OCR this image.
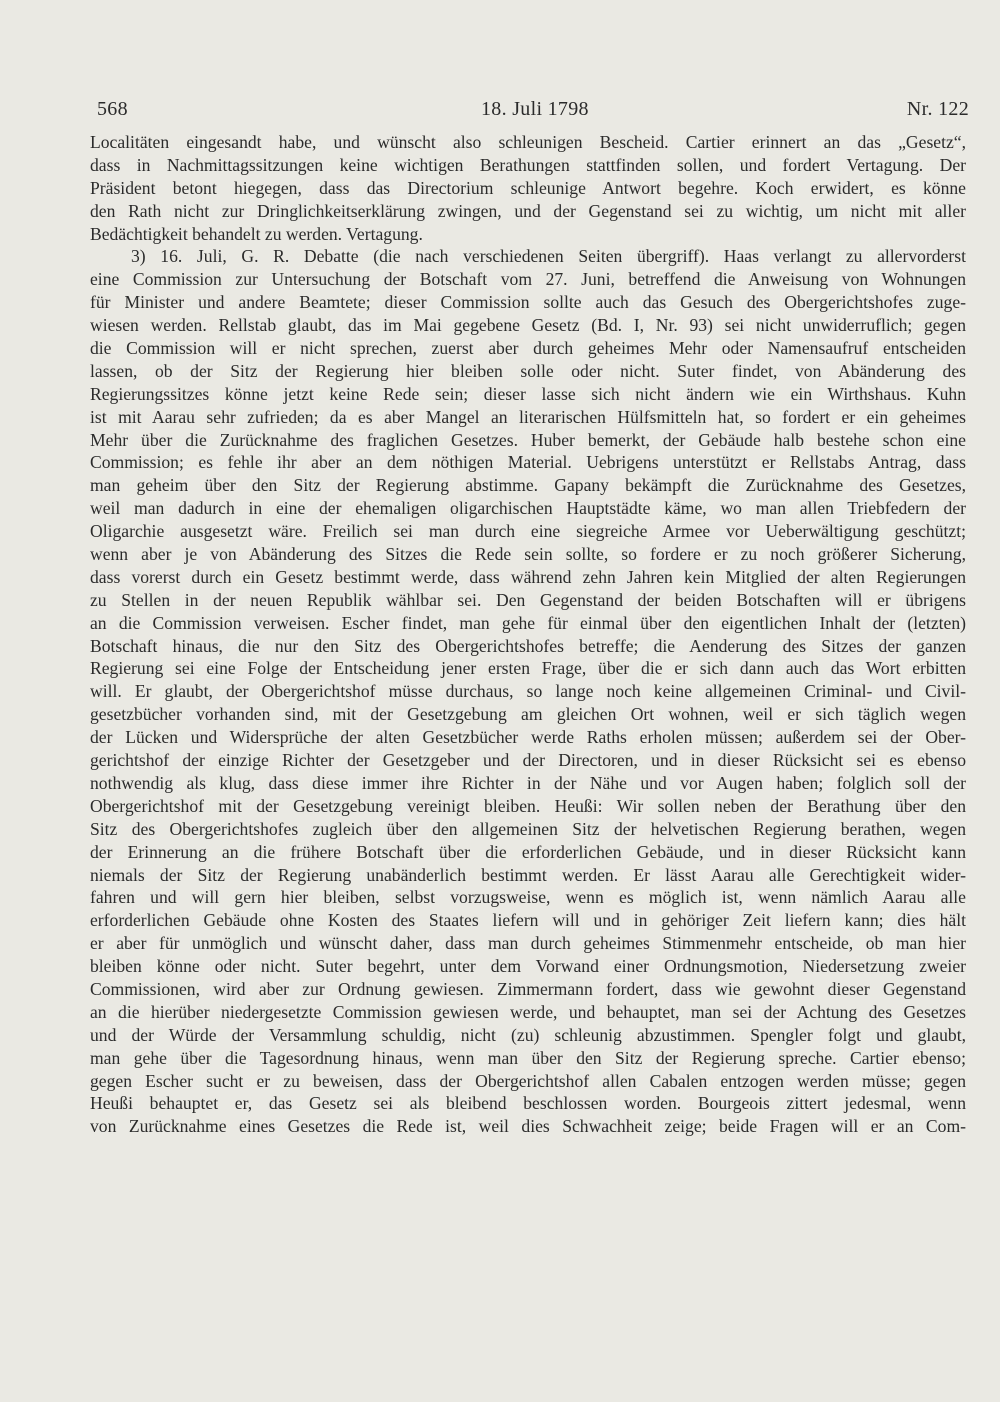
568	18. Juli 1798	Nr. 122
Localitäten eingesandt habe, und wünscht also schleunigen Bescheid. Cartier erinnert an das „Gesetz“,
dass in Nachmittagssitzungen keine wichtigen Berathungen stattfinden sollen, und fordert Vertagung. Der
Präsident betont hiegegen, dass das Directorium schleunige Antwort begehre. Koch erwidert, es könne
den Rath nicht zur Dringlichkeitserklärung zwingen, und der Gegenstand sei zu wichtig, um nicht mit aller
Bedächtigkeit behandelt zu werden. Vertagung.
3) 16. Juli, G. R. Debatte (die nach verschiedenen Seiten übergriff). Haas verlangt zu allervorderst
eine Commission zur Untersuchung der Botschaft vom 27. Juni, betreffend die Anweisung von Wohnungen
für Minister und andere Beamtete; dieser Commission sollte auch das Gesuch des Obergerichtshofes zuge-
wiesen werden. Rellstab glaubt, das im Mai gegebene Gesetz (Bd. I, Nr. 93) sei nicht unwiderruflich; gegen
die Commission will er nicht sprechen, zuerst aber durch geheimes Mehr oder Namensaufruf entscheiden
lassen, ob der Sitz der Regierung hier bleiben solle oder nicht. Suter findet, von Abänderung des
Regierungssitzes könne jetzt keine Rede sein; dieser lasse sich nicht ändern wie ein Wirthshaus. Kuhn
ist mit Aarau sehr zufrieden; da es aber Mangel an literarischen Hülfsmitteln hat, so fordert er ein geheimes
Mehr über die Zurücknahme des fraglichen Gesetzes. Huber bemerkt, der Gebäude halb bestehe schon eine
Commission; es fehle ihr aber an dem nöthigen Material. Uebrigens unterstützt er Rellstabs Antrag, dass
man geheim über den Sitz der Regierung abstimme. Gapany bekämpft die Zurücknahme des Gesetzes,
weil man dadurch in eine der ehemaligen oligarchischen Hauptstädte käme, wo man allen Triebfedern der
Oligarchie ausgesetzt wäre. Freilich sei man durch eine siegreiche Armee vor Ueberwältigung geschützt;
wenn aber je von Abänderung des Sitzes die Rede sein sollte, so fordere er zu noch größerer Sicherung,
dass vorerst durch ein Gesetz bestimmt werde, dass während zehn Jahren kein Mitglied der alten Regierungen
zu Stellen in der neuen Republik wählbar sei. Den Gegenstand der beiden Botschaften will er übrigens
an die Commission verweisen. Escher findet, man gehe für einmal über den eigentlichen Inhalt der (letzten)
Botschaft hinaus, die nur den Sitz des Obergerichtshofes betreffe; die Aenderung des Sitzes der ganzen
Regierung sei eine Folge der Entscheidung jener ersten Frage, über die er sich dann auch das Wort erbitten
will. Er glaubt, der Obergerichtshof müsse durchaus, so lange noch keine allgemeinen Criminal- und Civil-
gesetzbücher vorhanden sind, mit der Gesetzgebung am gleichen Ort wohnen, weil er sich täglich wegen
der Lücken und Widersprüche der alten Gesetzbücher werde Raths erholen müssen; außerdem sei der Ober-
gerichtshof der einzige Richter der Gesetzgeber und der Directoren, und in dieser Rücksicht sei es ebenso
nothwendig als klug, dass diese immer ihre Richter in der Nähe und vor Augen haben; folglich soll der
Obergerichtshof mit der Gesetzgebung vereinigt bleiben. Heußi: Wir sollen neben der Berathung über den
Sitz des Obergerichtshofes zugleich über den allgemeinen Sitz der helvetischen Regierung berathen, wegen
der Erinnerung an die frühere Botschaft über die erforderlichen Gebäude, und in dieser Rücksicht kann
niemals der Sitz der Regierung unabänderlich bestimmt werden. Er lässt Aarau alle Gerechtigkeit wider-
fahren und will gern hier bleiben, selbst vorzugsweise, wenn es möglich ist, wenn nämlich Aarau alle
erforderlichen Gebäude ohne Kosten des Staates liefern will und in gehöriger Zeit liefern kann; dies hält
er aber für unmöglich und wünscht daher, dass man durch geheimes Stimmenmehr entscheide, ob man hier
bleiben könne oder nicht. Suter begehrt, unter dem Vorwand einer Ordnungsmotion, Niedersetzung zweier
Commissionen, wird aber zur Ordnung gewiesen. Zimmermann fordert, dass wie gewohnt dieser Gegenstand
an die hierüber niedergesetzte Commission gewiesen werde, und behauptet, man sei der Achtung des Gesetzes
und der Würde der Versammlung schuldig, nicht (zu) schleunig abzustimmen. Spengler folgt und glaubt,
man gehe über die Tagesordnung hinaus, wenn man über den Sitz der Regierung spreche. Cartier ebenso;
gegen Escher sucht er zu beweisen, dass der Obergerichtshof allen Cabalen entzogen werden müsse; gegen
Heußi behauptet er, das Gesetz sei als bleibend beschlossen worden. Bourgeois zittert jedesmal, wenn
von Zurücknahme eines Gesetzes die Rede ist, weil dies Schwachheit zeige; beide Fragen will er an Com-
